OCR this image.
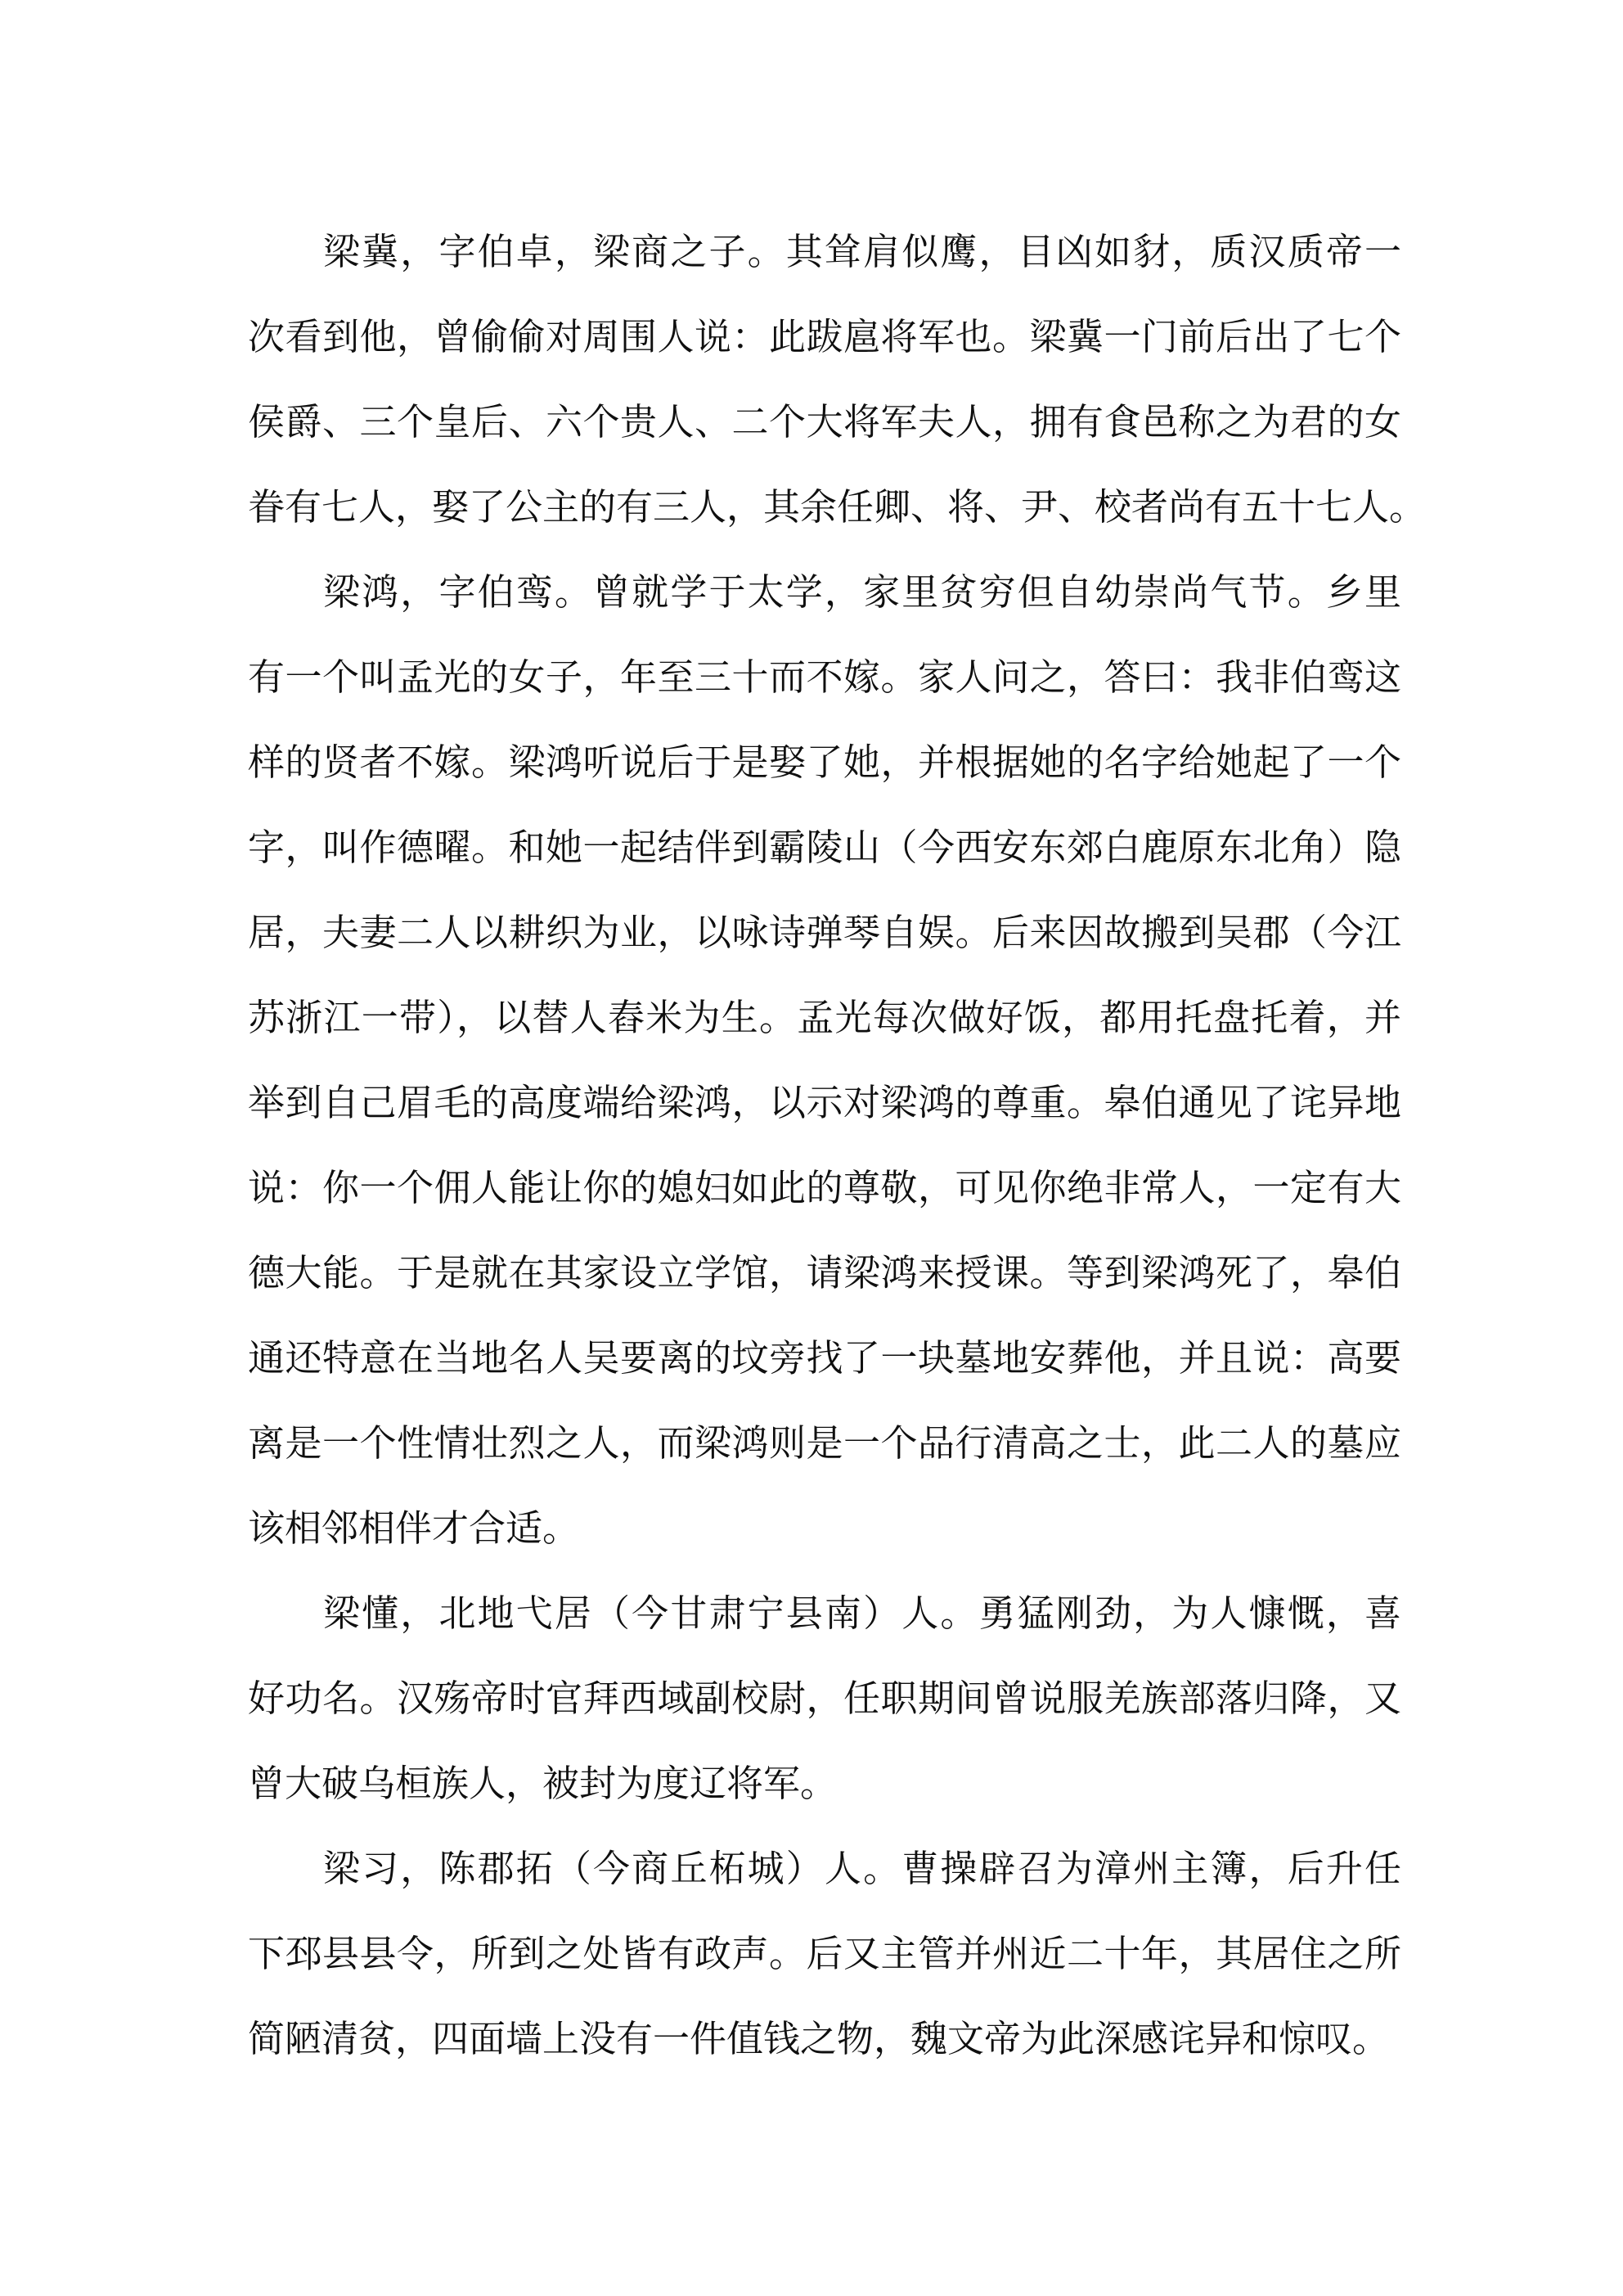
梁冀，字伯卓，梁商之子。其耸肩似鹰，目凶如豺，质汉质帝一
次看到他，曾偷偷对周围人说：此跋扈将军也。梁冀一门前后出了七个
侯爵、三个皇后、六个贵人、二个大将军夫人，拥有食邑称之为君的女
眷有七人，娶了公主的有三人，其余任卿、将、尹、校者尚有五十七人。
梁鸿，字伯鸾。曾就学于太学，家里贫穷但自幼崇尚气节。乡里
有一个叫孟光的女子，年至三十而不嫁。家人问之，答曰：我非伯鸾这
样的贤者不嫁。梁鸿听说后于是娶了她，并根据她的名字给她起了一个
字，叫作德曜。和她一起结伴到霸陵山（今西安东郊白鹿原东北角）隐
居，夫妻二人以耕织为业，以咏诗弹琴自娱。后来因故搬到吴郡（今江
苏浙江一带），以替人舂米为生。孟光每次做好饭，都用托盘托着，并
举到自己眉毛的高度端给梁鸿，以示对梁鸿的尊重。皋伯通见了诧异地
说：你一个佣人能让你的媳妇如此的尊敬，可见你绝非常人，一定有大
德大能。于是就在其家设立学馆，请梁鸿来授课。等到梁鸿死了，皋伯
通还特意在当地名人吴要离的坟旁找了一块墓地安葬他，并且说：高要
离是一个性情壮烈之人，而梁鸿则是一个品行清高之士，此二人的墓应
该相邻相伴才合适。
梁懂，北地弋居（今甘肃宁县南）人。勇猛刚劲，为人慷慨，喜
好功名。汉殇帝时官拜西域副校尉，任职期间曾说服羌族部落归降，又
曾大破乌桓族人，被封为度辽将军。
梁习，陈郡拓（今商丘柘城）人。曹操辟召为漳州主簿，后升任
下邳县县令，所到之处皆有政声。后又主管并州近二十年，其居住之所
简陋清贫，四面墙上没有一件值钱之物，魏文帝为此深感诧异和惊叹。
